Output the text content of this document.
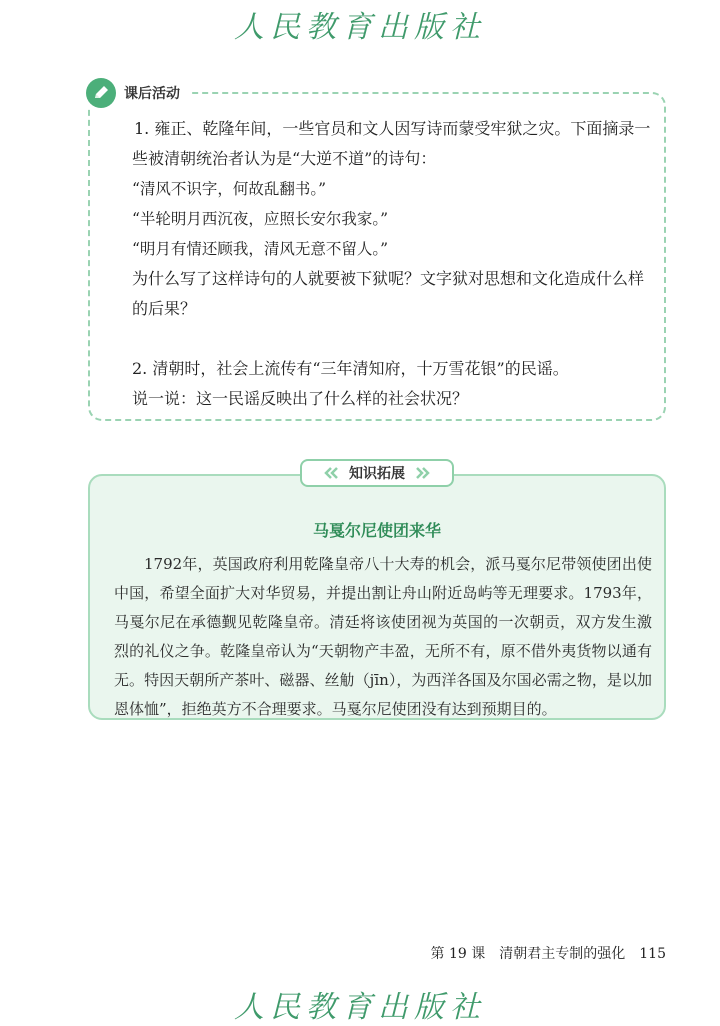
人民教育出版社
课后活动

1. 雍正、乾隆年间，一些官员和文人因写诗而蒙受牢狱之灾。下面摘录一些被清朝统治者认为是“大逆不道”的诗句：

“清风不识字，何故乱翻书。”

“半轮明月西沉夜，应照长安尔我家。”

“明月有情还顾我，清风无意不留人。”

为什么写了这样诗句的人就要被下狱呢？文字狱对思想和文化造成什么样的后果？

2. 清朝时，社会上流传有“三年清知府，十万雪花银”的民谣。

说一说：这一民谣反映出了什么样的社会状况？

知识拓展
马戛尔尼使团来华

1792年，英国政府利用乾隆皇帝八十大寿的机会，派马戛尔尼带领使团出使中国，希望全面扩大对华贸易，并提出割让舟山附近岛屿等无理要求。1793年，马戛尔尼在承德觐见乾隆皇帝。清廷将该使团视为英国的一次朝贡，双方发生激烈的礼仪之争。乾隆皇帝认为“天朝物产丰盈，无所不有，原不借外夷货物以通有无。特因天朝所产茶叶、磁器、丝觔（jīn），为西洋各国及尔国必需之物，是以加恩体恤”，拒绝英方不合理要求。马戛尔尼使团没有达到预期目的。

第 19 课　清朝君主专制的强化 115
人民教育出版社
